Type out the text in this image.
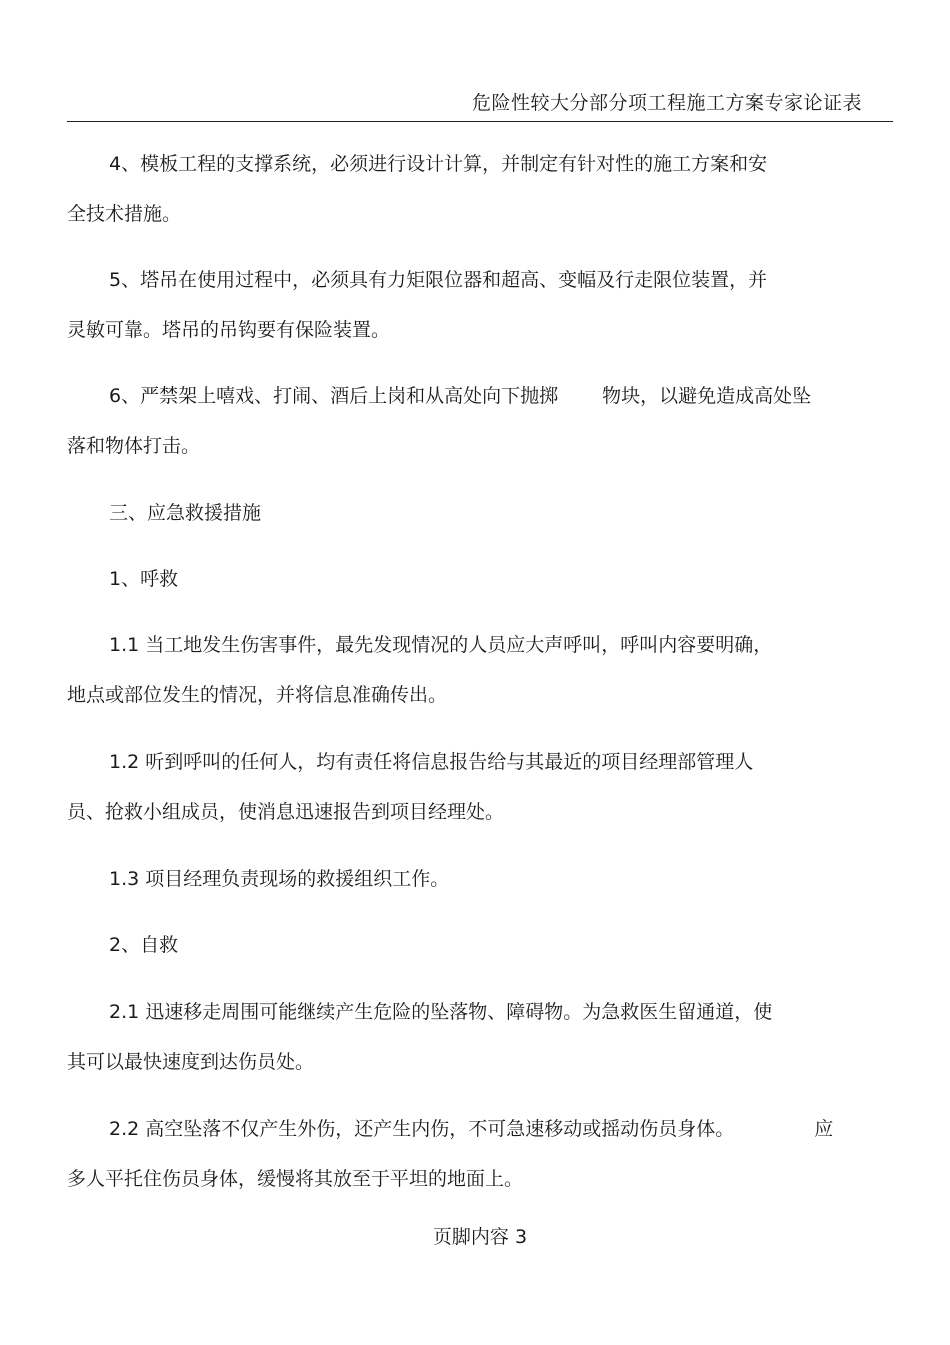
危险性较大分部分项工程施工方案专家论证表
4、模板工程的支撑系统，必须进行设计计算，并制定有针对性的施工方案和安
全技术措施。
5、塔吊在使用过程中，必须具有力矩限位器和超高、变幅及行走限位装置，并
灵敏可靠。塔吊的吊钩要有保险装置。
6、严禁架上嘻戏、打闹、酒后上岗和从高处向下抛掷 物块，以避免造成高处坠
落和物体打击。
三、应急救援措施
1、呼救
1.1 当工地发生伤害事件，最先发现情况的人员应大声呼叫，呼叫内容要明确，
地点或部位发生的情况，并将信息准确传出。
1.2 听到呼叫的任何人，均有责任将信息报告给与其最近的项目经理部管理人
员、抢救小组成员，使消息迅速报告到项目经理处。
1.3 项目经理负责现场的救援组织工作。
2、自救
2.1 迅速移走周围可能继续产生危险的坠落物、障碍物。为急救医生留通道，使
其可以最快速度到达伤员处。
2.2 高空坠落不仅产生外伤，还产生内伤，不可急速移动或摇动伤员身体。	应
多人平托住伤员身体，缓慢将其放至于平坦的地面上。
页脚内容 3
